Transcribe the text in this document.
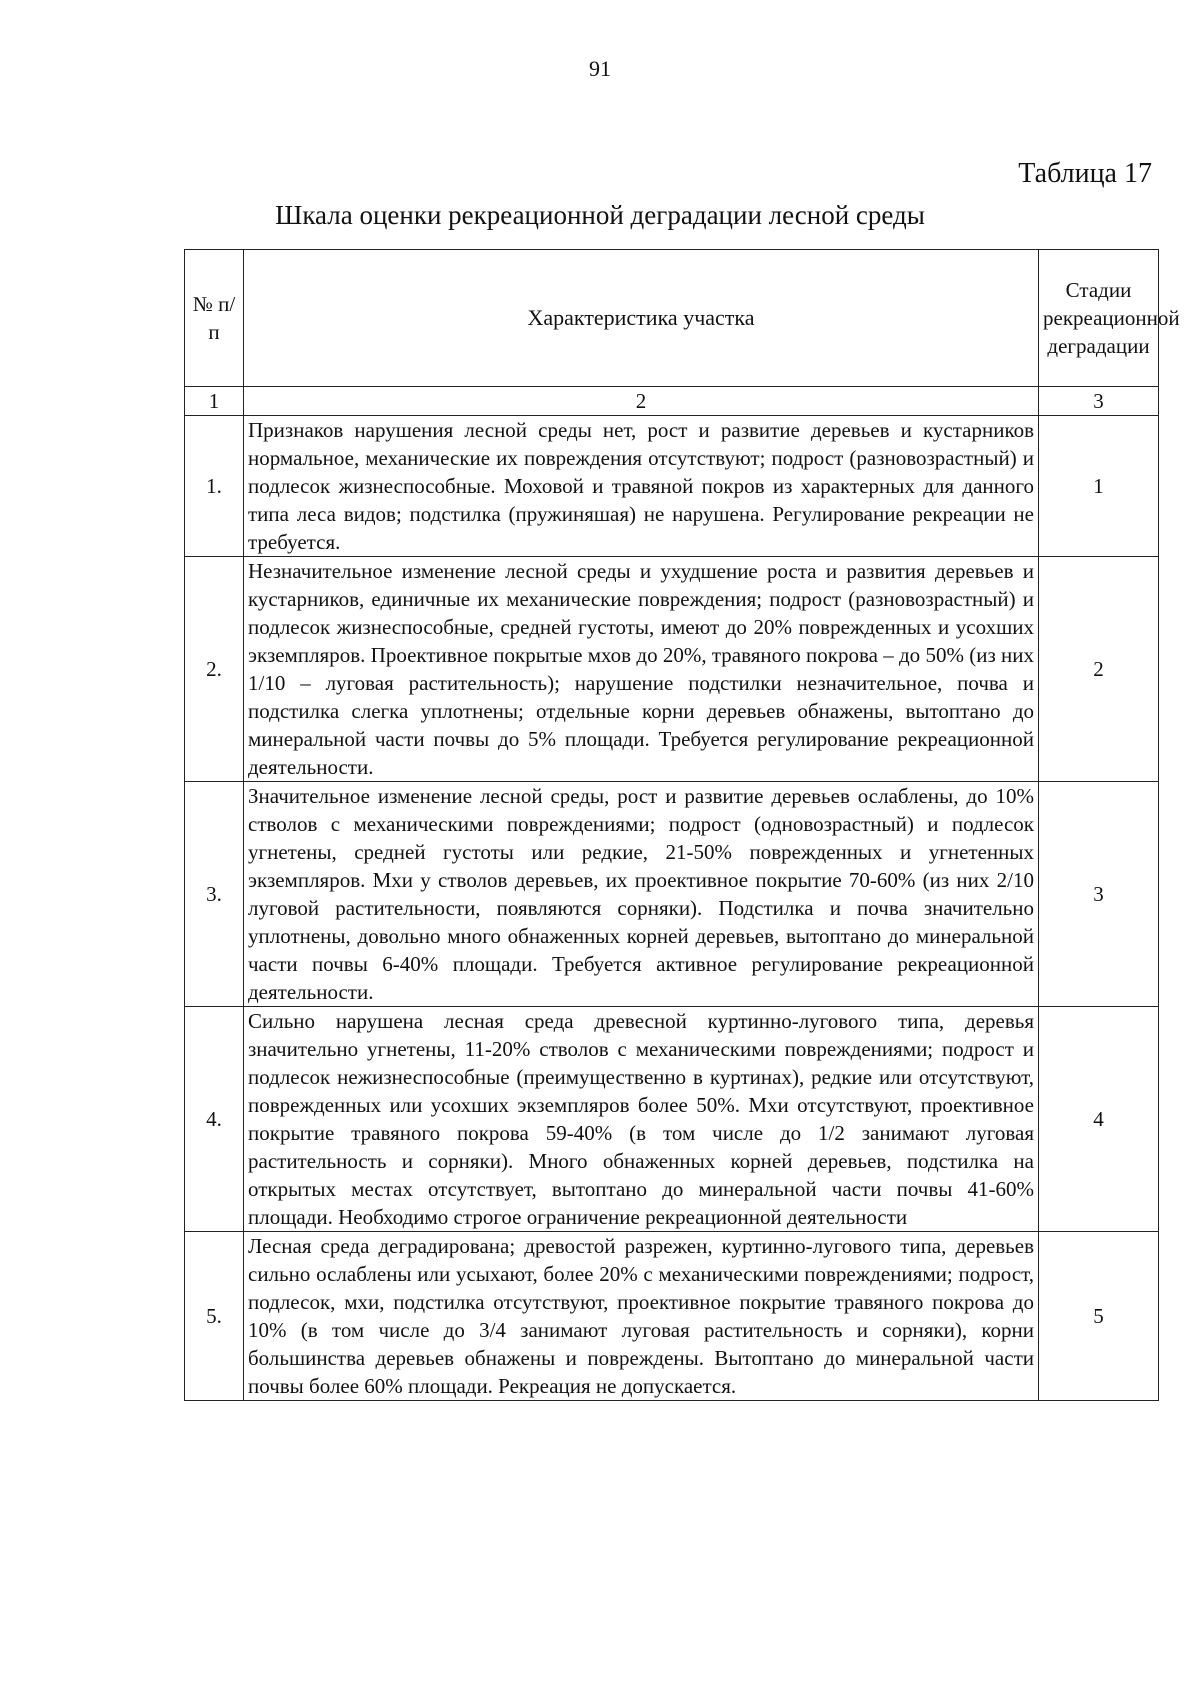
91
Таблица 17
Шкала оценки рекреационной деградации лесной среды
№ п/п	Характеристика участка	Стадии рекреационной деградации
1	2	3
1.	Признаков нарушения лесной среды нет, рост и развитие деревьев и кустарников нормальное, механические их повреждения отсутствуют; подрост (разновозрастный) и подлесок жизнеспособные. Моховой и травяной покров из характерных для данного типа леса видов; подстилка (пружиняшая) не нарушена. Регулирование рекреации не требуется.	1
2.	Незначительное изменение лесной среды и ухудшение роста и развития деревьев и кустарников, единичные их механические повреждения; подрост (разновозрастный) и подлесок жизнеспособные, средней густоты, имеют до 20% поврежденных и усохших экземпляров. Проективное покрытые мхов до 20%, травяного покрова – до 50% (из них 1/10 – луговая растительность); нарушение подстилки незначительное, почва и подстилка слегка уплотнены; отдельные корни деревьев обнажены, вытоптано до минеральной части почвы до 5% площади. Требуется регулирование рекреационной деятельности.	2
3.	Значительное изменение лесной среды, рост и развитие деревьев ослаблены, до 10% стволов с механическими повреждениями; подрост (одновозрастный) и подлесок угнетены, средней густоты или редкие, 21-50% поврежденных и угнетенных экземпляров. Мхи у стволов деревьев, их проективное покрытие 70-60% (из них 2/10 луговой растительности, появляются сорняки). Подстилка и почва значительно уплотнены, довольно много обнаженных корней деревьев, вытоптано до минеральной части почвы 6-40% площади. Требуется активное регулирование рекреационной деятельности.	3
4.	Сильно нарушена лесная среда древесной куртинно-лугового типа, деревья значительно угнетены, 11-20% стволов с механическими повреждениями; подрост и подлесок нежизнеспособные (преимущественно в куртинах), редкие или отсутствуют, поврежденных или усохших экземпляров более 50%. Мхи отсутствуют, проективное покрытие травяного покрова 59-40% (в том числе до 1/2 занимают луговая растительность и сорняки). Много обнаженных корней деревьев, подстилка на открытых местах отсутствует, вытоптано до минеральной части почвы 41-60% площади. Необходимо строгое ограничение рекреационной деятельности	4
5.	Лесная среда деградирована; древостой разрежен, куртинно-лугового типа, деревьев сильно ослаблены или усыхают, более 20% с механическими повреждениями; подрост, подлесок, мхи, подстилка отсутствуют, проективное покрытие травяного покрова до 10% (в том числе до 3/4 занимают луговая растительность и сорняки), корни большинства деревьев обнажены и повреждены. Вытоптано до минеральной части почвы более 60% площади. Рекреация не допускается.	5
